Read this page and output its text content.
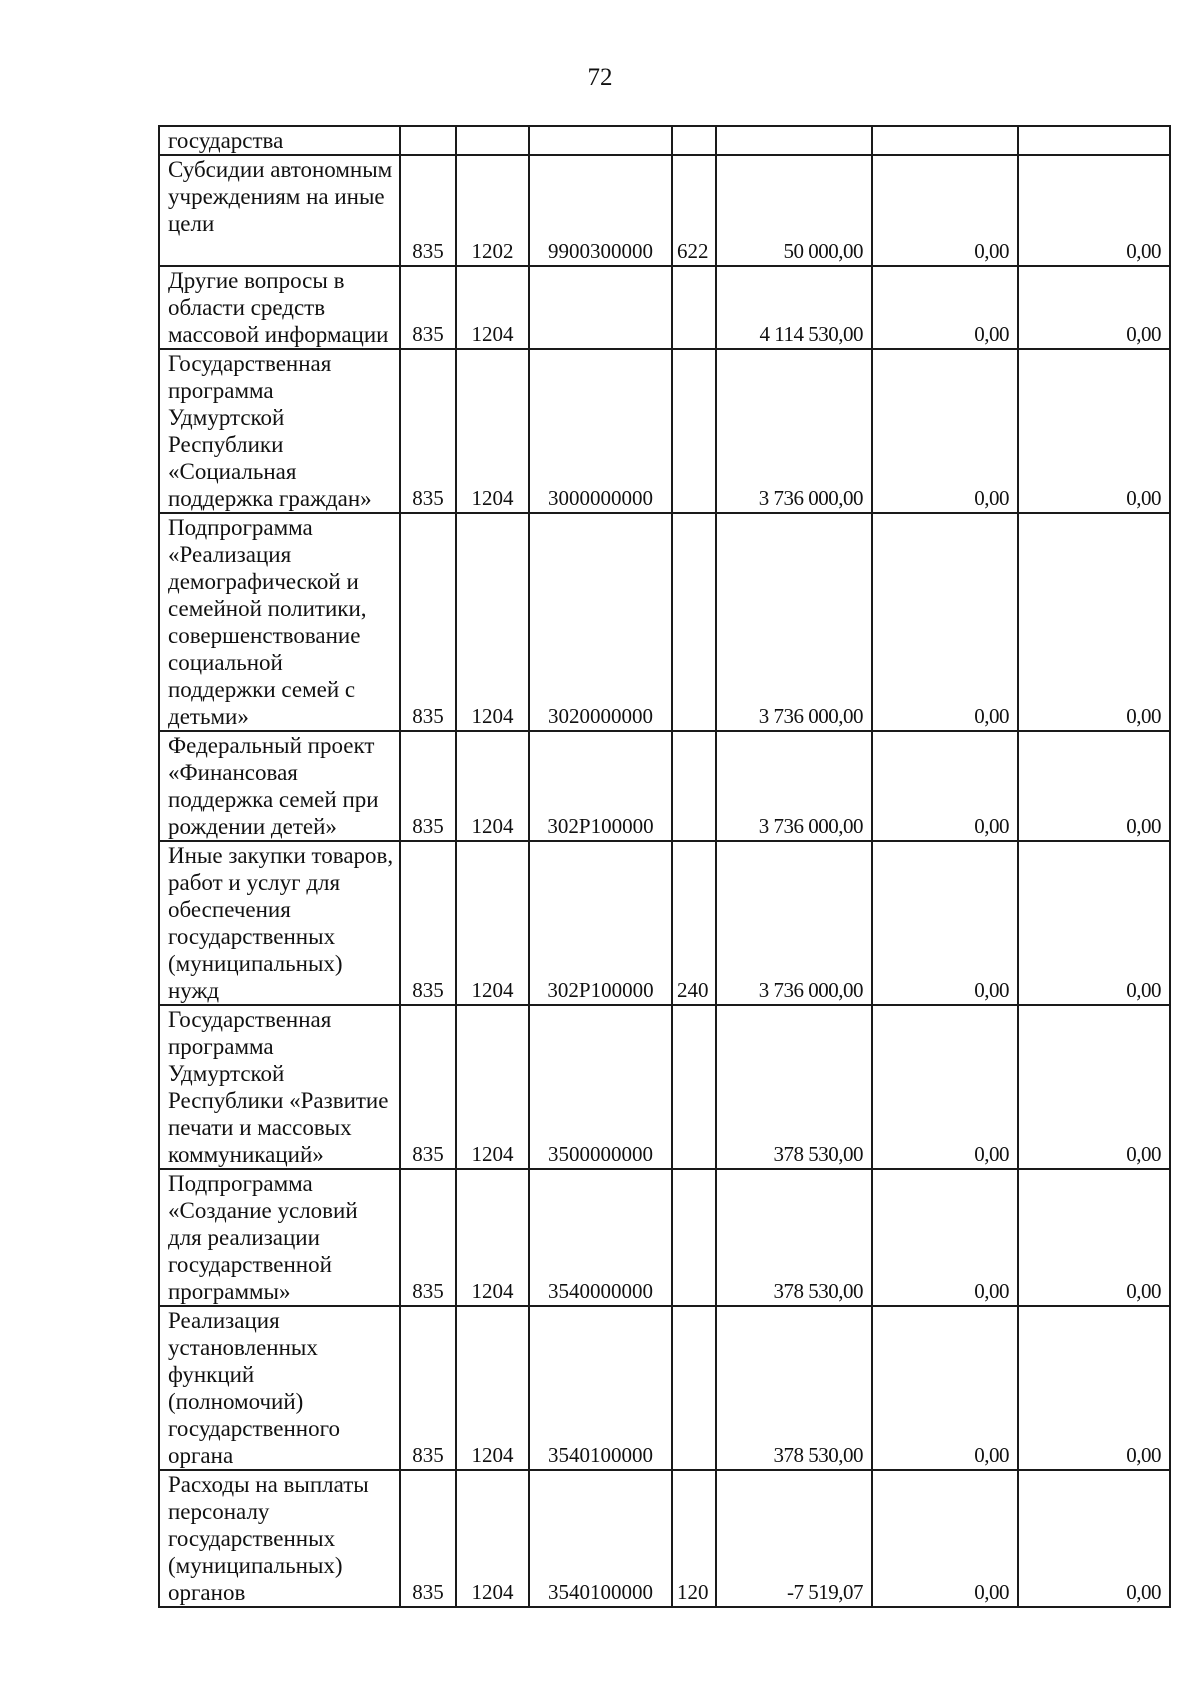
72
государства							
Субсидии автономным учреждениям на иные цели	835	1202	9900300000	622	50 000,00	0,00	0,00
Другие вопросы в области средств массовой информации	835	1204			4 114 530,00	0,00	0,00
Государственная программа Удмуртской Республики «Социальная поддержка граждан»	835	1204	3000000000		3 736 000,00	0,00	0,00
Подпрограмма «Реализация демографической и семейной политики, совершенствование социальной поддержки семей с детьми»	835	1204	3020000000		3 736 000,00	0,00	0,00
Федеральный проект «Финансовая поддержка семей при рождении детей»	835	1204	302P100000		3 736 000,00	0,00	0,00
Иные закупки товаров, работ и услуг для обеспечения государственных (муниципальных) нужд	835	1204	302P100000	240	3 736 000,00	0,00	0,00
Государственная программа Удмуртской Республики «Развитие печати и массовых коммуникаций»	835	1204	3500000000		378 530,00	0,00	0,00
Подпрограмма «Создание условий для реализации государственной программы»	835	1204	3540000000		378 530,00	0,00	0,00
Реализация установленных функций (полномочий) государственного органа	835	1204	3540100000		378 530,00	0,00	0,00
Расходы на выплаты персоналу государственных (муниципальных) органов	835	1204	3540100000	120	-7 519,07	0,00	0,00
